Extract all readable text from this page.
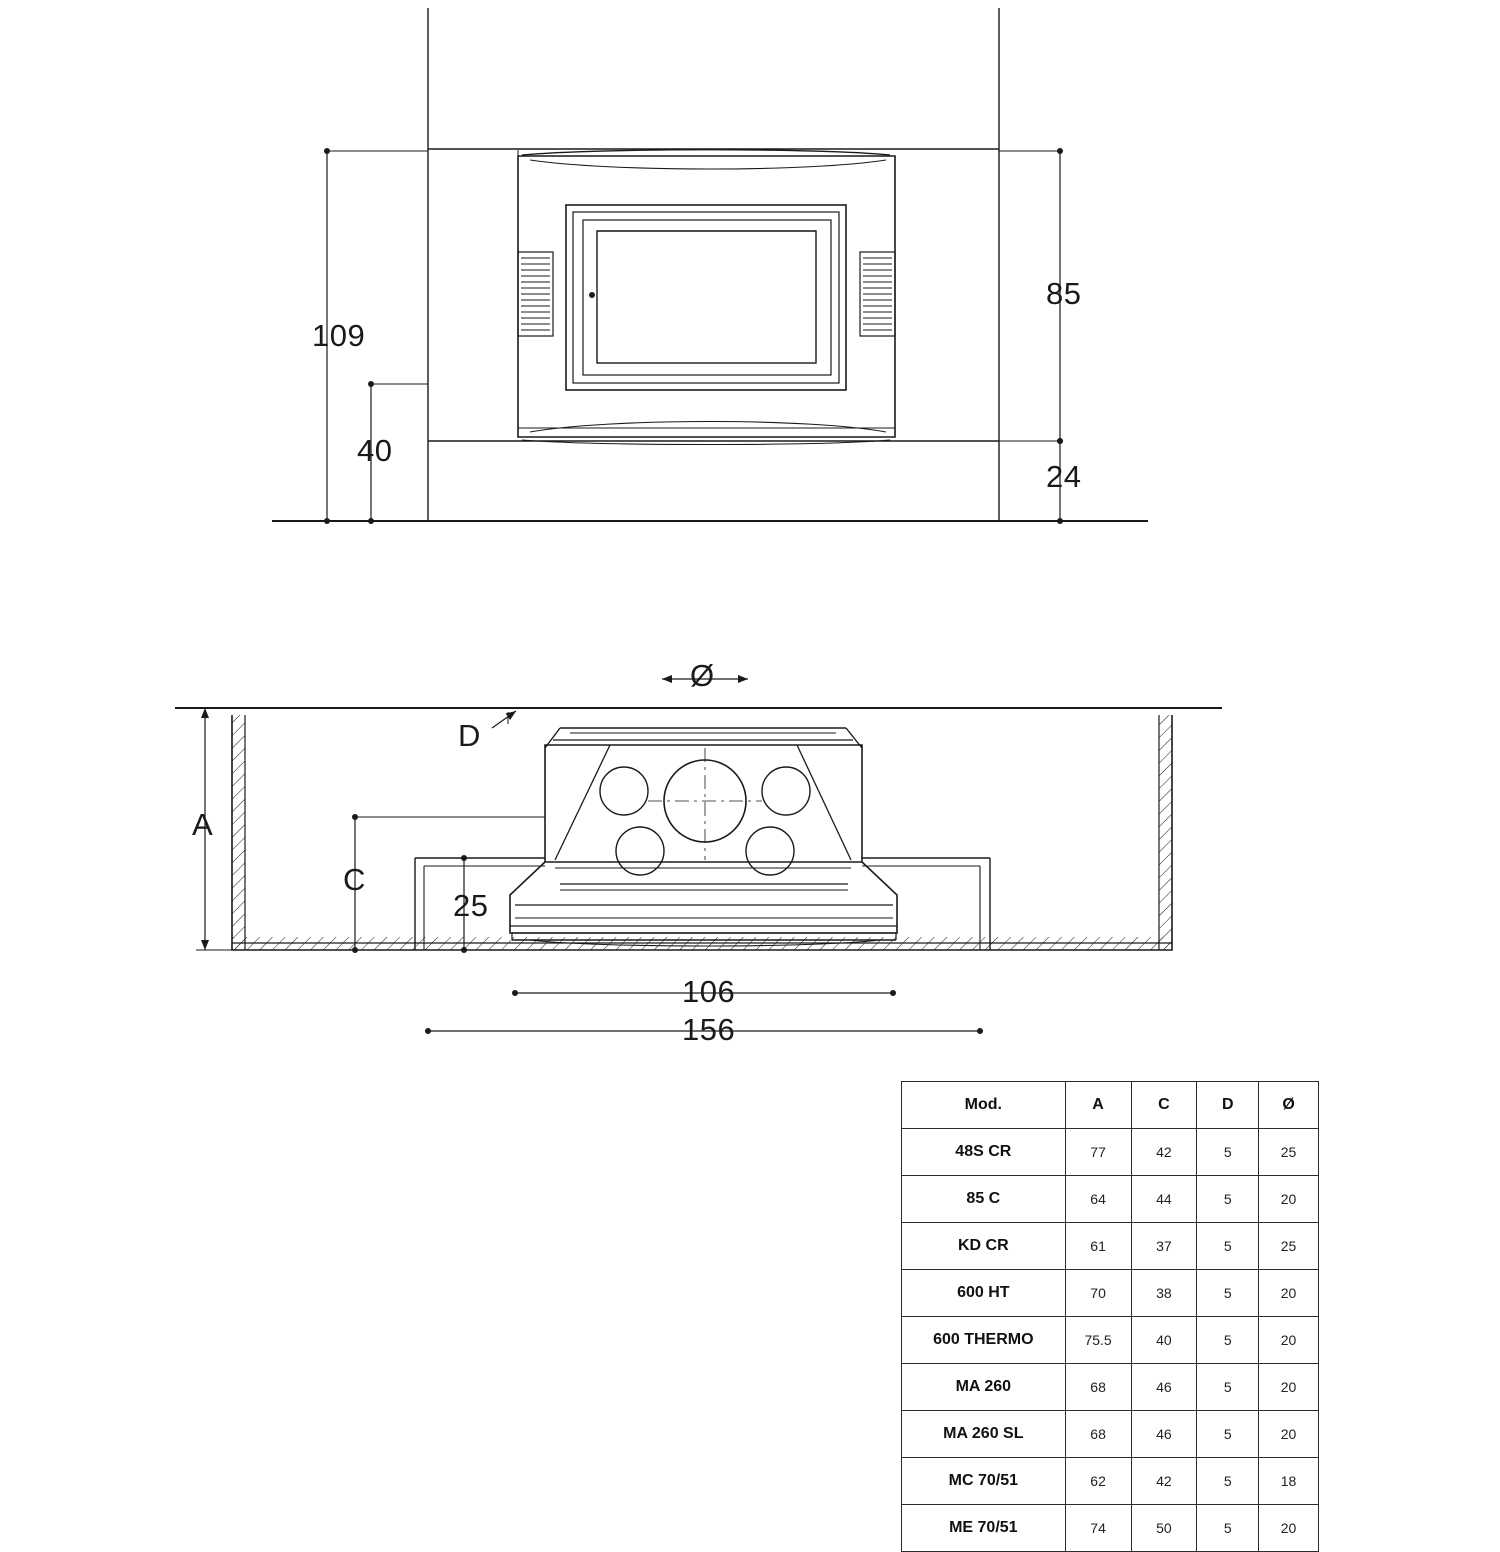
109
40
85
24
Ø
D
A
C
25
106
156
Mod.	A	C	D	Ø
48S CR	77	42	5	25
85 C	64	44	5	20
KD CR	61	37	5	25
600 HT	70	38	5	20
600 THERMO	75.5	40	5	20
MA 260	68	46	5	20
MA 260 SL	68	46	5	20
MC 70/51	62	42	5	18
ME 70/51	74	50	5	20
